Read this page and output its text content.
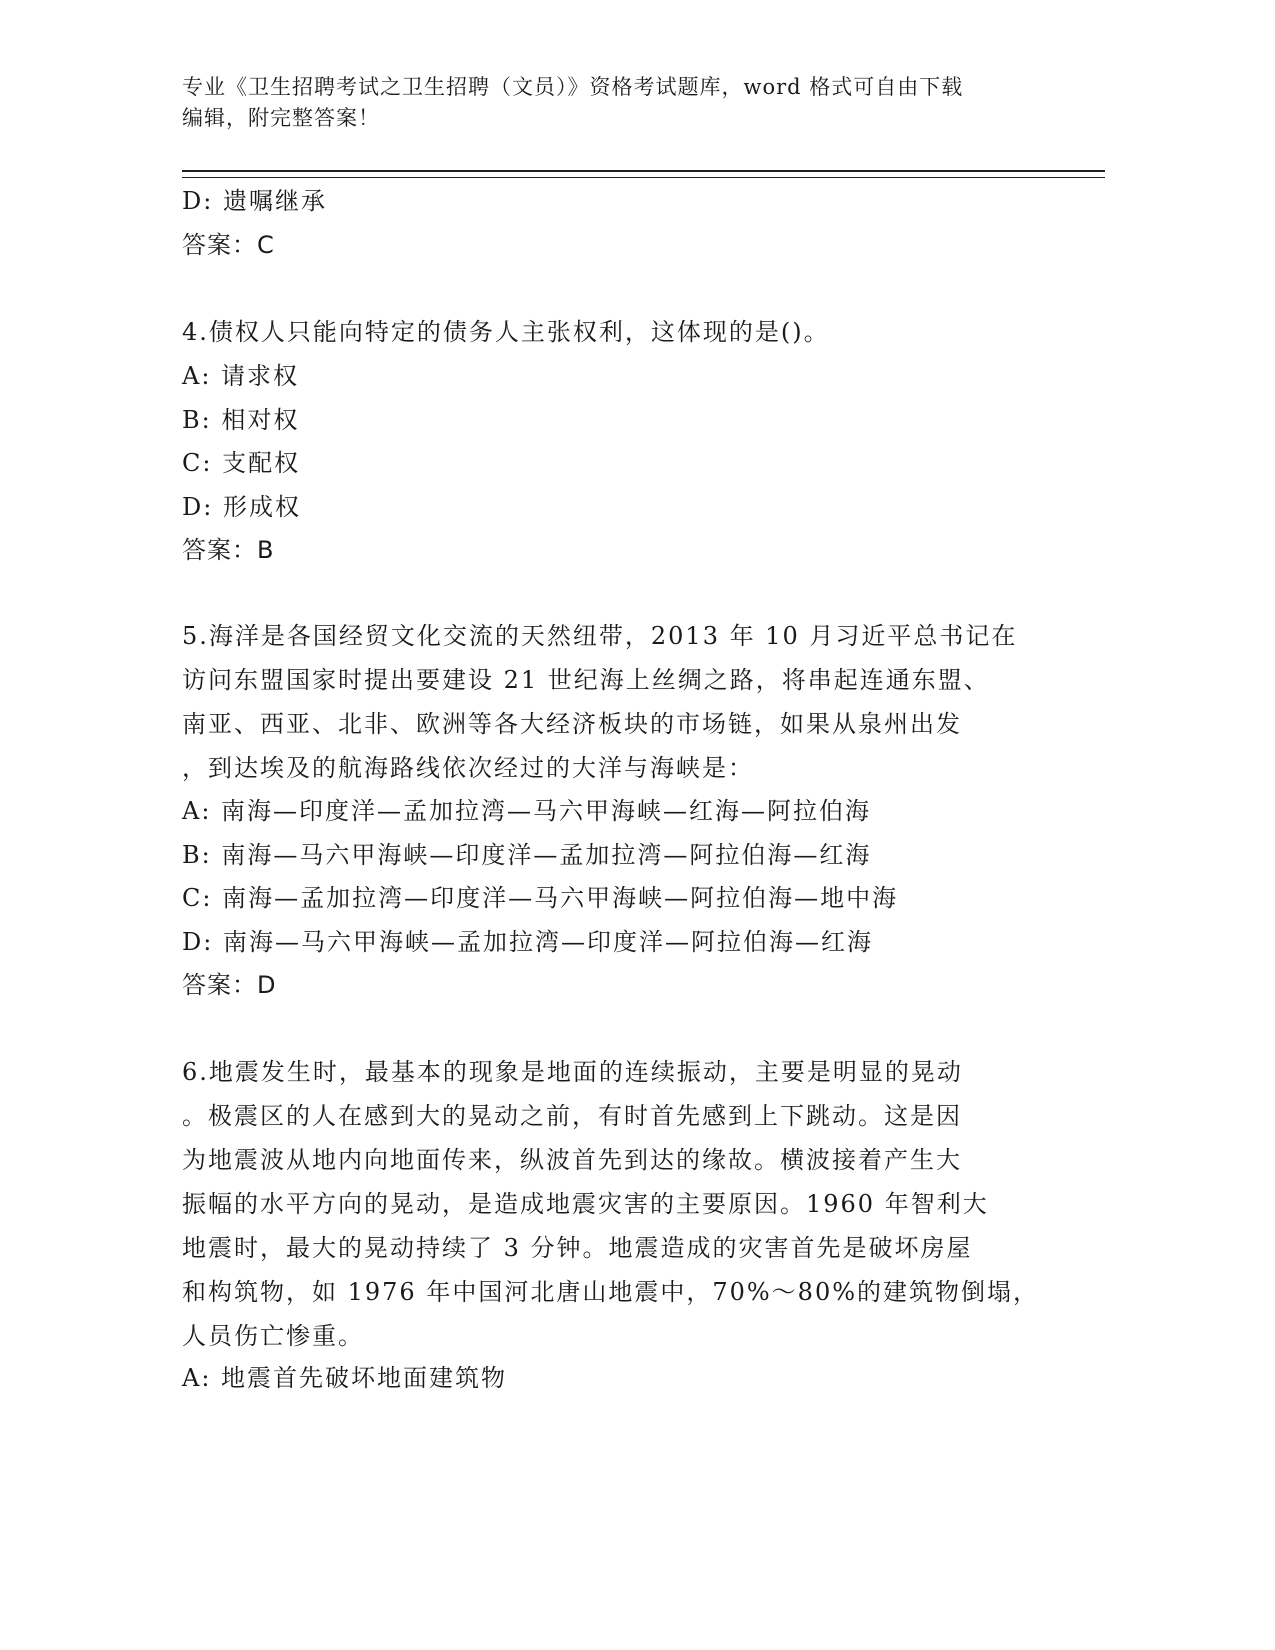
专业《卫生招聘考试之卫生招聘（文员）》资格考试题库，word 格式可自由下载
编辑，附完整答案！
D: 遗嘱继承
答案：C
4.债权人只能向特定的债务人主张权利，这体现的是()。
A: 请求权
B: 相对权
C: 支配权
D: 形成权
答案：B
5.海洋是各国经贸文化交流的天然纽带，2013 年 10 月习近平总书记在
访问东盟国家时提出要建设 21 世纪海上丝绸之路，将串起连通东盟、
南亚、西亚、北非、欧洲等各大经济板块的市场链，如果从泉州出发
，到达埃及的航海路线依次经过的大洋与海峡是：
A: 南海—印度洋—孟加拉湾—马六甲海峡—红海—阿拉伯海
B: 南海—马六甲海峡—印度洋—孟加拉湾—阿拉伯海—红海
C: 南海—孟加拉湾—印度洋—马六甲海峡—阿拉伯海—地中海
D: 南海—马六甲海峡—孟加拉湾—印度洋—阿拉伯海—红海
答案：D
6.地震发生时，最基本的现象是地面的连续振动，主要是明显的晃动
。极震区的人在感到大的晃动之前，有时首先感到上下跳动。这是因
为地震波从地内向地面传来，纵波首先到达的缘故。横波接着产生大
振幅的水平方向的晃动，是造成地震灾害的主要原因。1960 年智利大
地震时，最大的晃动持续了 3 分钟。地震造成的灾害首先是破坏房屋
和构筑物，如 1976 年中国河北唐山地震中，70%～80%的建筑物倒塌，
人员伤亡惨重。
A: 地震首先破坏地面建筑物
